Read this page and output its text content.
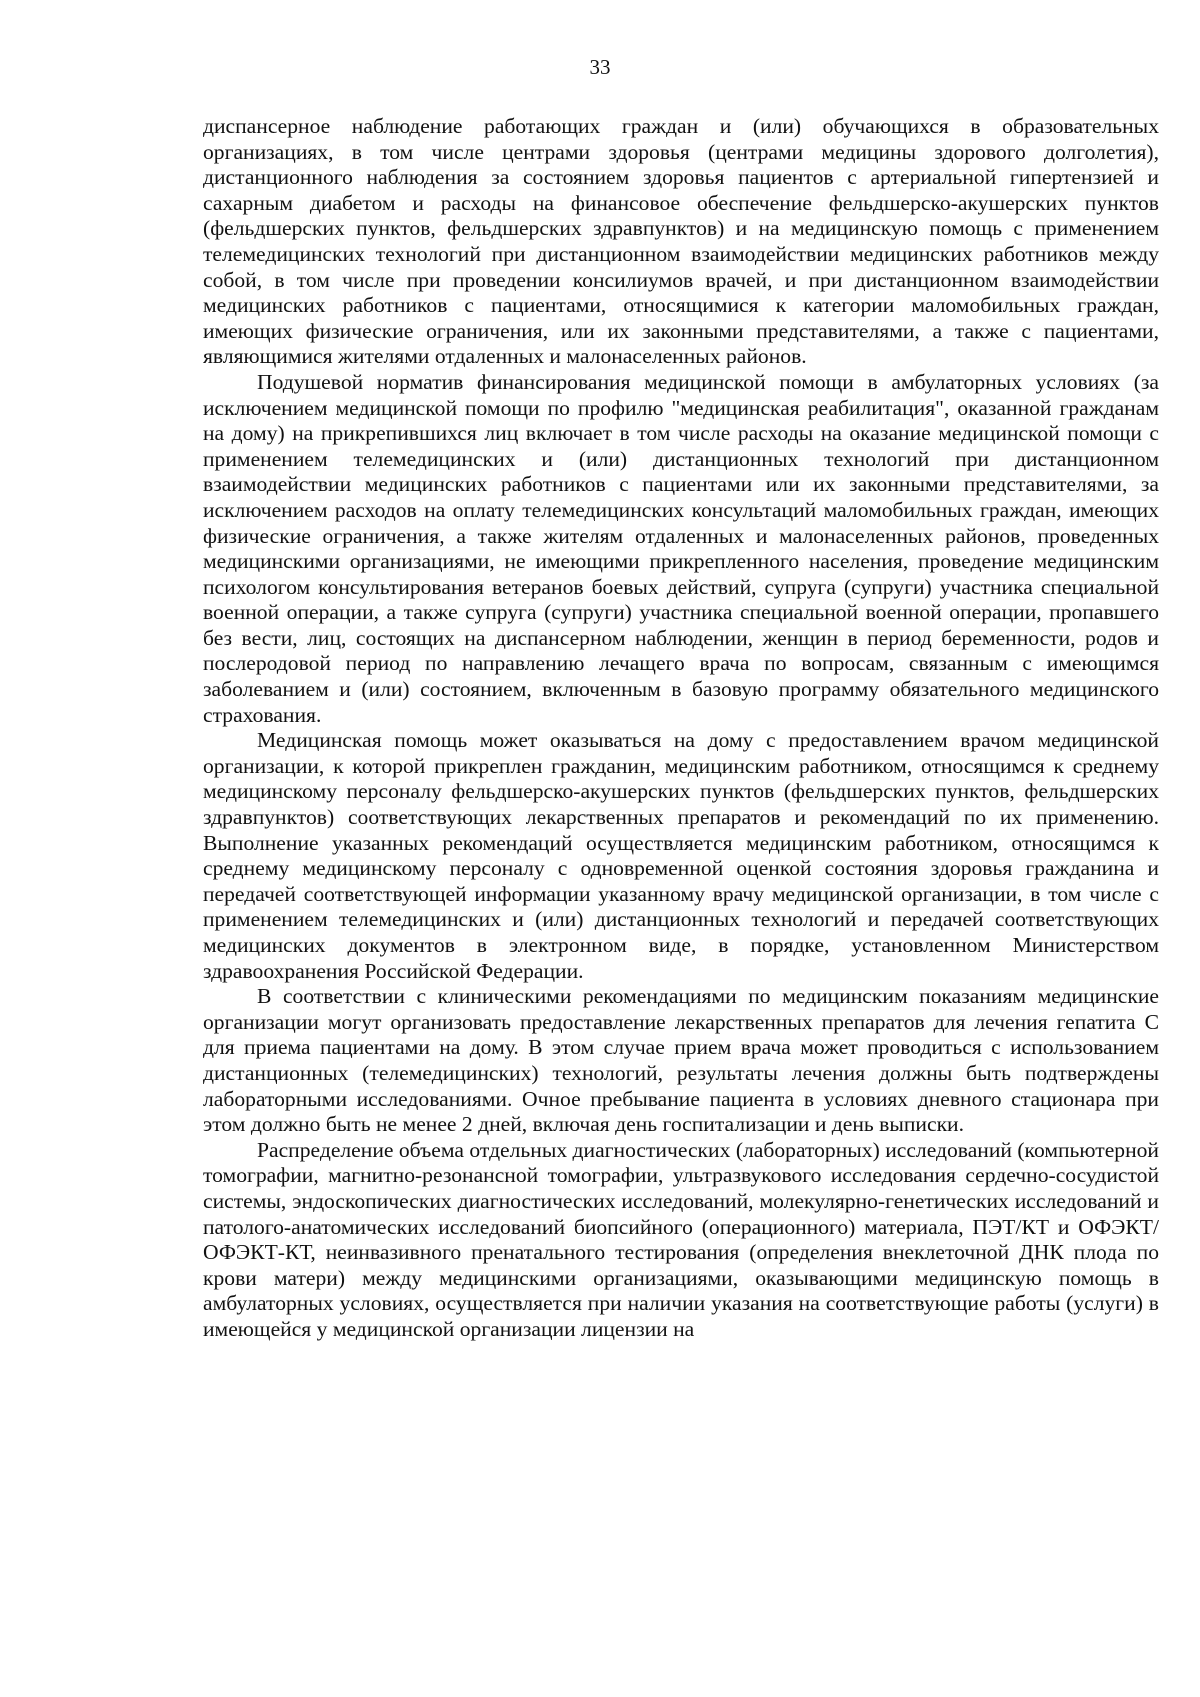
33

диспансерное наблюдение работающих граждан и (или) обучающихся в образовательных организациях, в том числе центрами здоровья (центрами медицины здорового долголетия), дистанционного наблюдения за состоянием здоровья пациентов с артериальной гипертензией и сахарным диабетом и расходы на финансовое обеспечение фельдшерско-акушерских пунктов (фельдшерских пунктов, фельдшерских здравпунктов) и на медицинскую помощь с применением телемедицинских технологий при дистанционном взаимодействии медицинских работников между собой, в том числе при проведении консилиумов врачей, и при дистанционном взаимодействии медицинских работников с пациентами, относящимися к категории маломобильных граждан, имеющих физические ограничения, или их законными представителями, а также с пациентами, являющимися жителями отдаленных и малонаселенных районов.

Подушевой норматив финансирования медицинской помощи в амбулаторных условиях (за исключением медицинской помощи по профилю "медицинская реабилитация", оказанной гражданам на дому) на прикрепившихся лиц включает в том числе расходы на оказание медицинской помощи с применением телемедицинских и (или) дистанционных технологий при дистанционном взаимодействии медицинских работников с пациентами или их законными представителями, за исключением расходов на оплату телемедицинских консультаций маломобильных граждан, имеющих физические ограничения, а также жителям отдаленных и малонаселенных районов, проведенных медицинскими организациями, не имеющими прикрепленного населения, проведение медицинским психологом консультирования ветеранов боевых действий, супруга (супруги) участника специальной военной операции, а также супруга (супруги) участника специальной военной операции, пропавшего без вести, лиц, состоящих на диспансерном наблюдении, женщин в период беременности, родов и послеродовой период по направлению лечащего врача по вопросам, связанным с имеющимся заболеванием и (или) состоянием, включенным в базовую программу обязательного медицинского страхования.

Медицинская помощь может оказываться на дому с предоставлением врачом медицинской организации, к которой прикреплен гражданин, медицинским работником, относящимся к среднему медицинскому персоналу фельдшерско-акушерских пунктов (фельдшерских пунктов, фельдшерских здравпунктов) соответствующих лекарственных препаратов и рекомендаций по их применению. Выполнение указанных рекомендаций осуществляется медицинским работником, относящимся к среднему медицинскому персоналу с одновременной оценкой состояния здоровья гражданина и передачей соответствующей информации указанному врачу медицинской организации, в том числе с применением телемедицинских и (или) дистанционных технологий и передачей соответствующих медицинских документов в электронном виде, в порядке, установленном Министерством здравоохранения Российской Федерации.

В соответствии с клиническими рекомендациями по медицинским показаниям медицинские организации могут организовать предоставление лекарственных препаратов для лечения гепатита C для приема пациентами на дому. В этом случае прием врача может проводиться с использованием дистанционных (телемедицинских) технологий, результаты лечения должны быть подтверждены лабораторными исследованиями. Очное пребывание пациента в условиях дневного стационара при этом должно быть не менее 2 дней, включая день госпитализации и день выписки.

Распределение объема отдельных диагностических (лабораторных) исследований (компьютерной томографии, магнитно-резонансной томографии, ультразвукового исследования сердечно-сосудистой системы, эндоскопических диагностических исследований, молекулярно-генетических исследований и патолого-анатомических исследований биопсийного (операционного) материала, ПЭТ/КТ и ОФЭКТ/ОФЭКТ-КТ, неинвазивного пренатального тестирования (определения внеклеточной ДНК плода по крови матери) между медицинскими организациями, оказывающими медицинскую помощь в амбулаторных условиях, осуществляется при наличии указания на соответствующие работы (услуги) в имеющейся у медицинской организации лицензии на
